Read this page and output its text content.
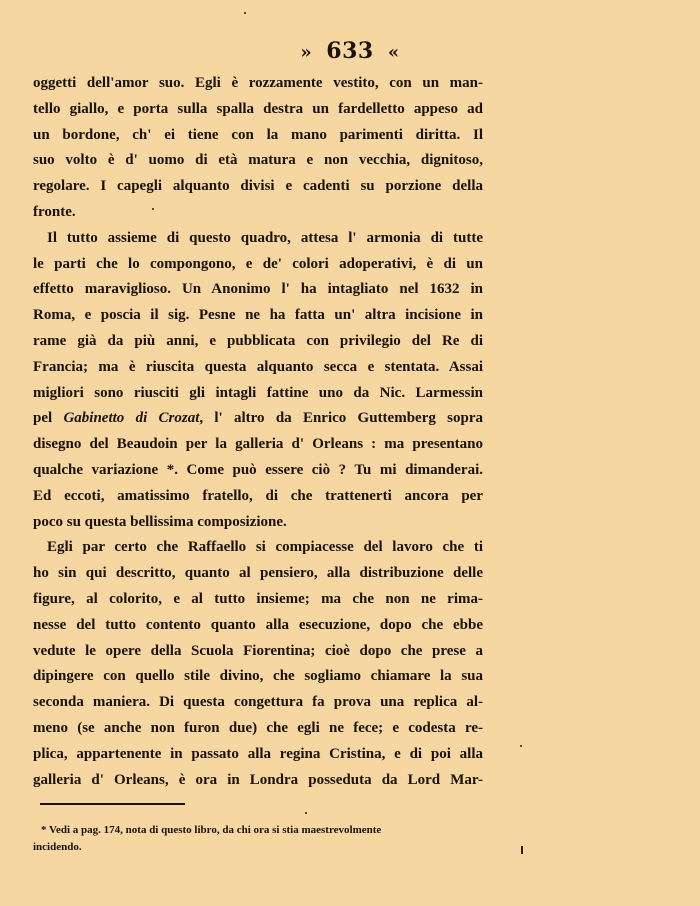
» 633 «
oggetti dell'amor suo. Egli è rozzamente vestito, con un man-
tello giallo, e porta sulla spalla destra un fardelletto appeso ad
un bordone, ch' ei tiene con la mano parimenti diritta. Il
suo volto è d' uomo di età matura e non vecchia, dignitoso,
regolare. I capegli alquanto divisi e cadenti su porzione della
fronte.
Il tutto assieme di questo quadro, attesa l' armonia di tutte
le parti che lo compongono, e de' colori adoperativi, è di un
effetto maraviglioso. Un Anonimo l' ha intagliato nel 1632 in
Roma, e poscia il sig. Pesne ne ha fatta un' altra incisione in
rame già da più anni, e pubblicata con privilegio del Re di
Francia; ma è riuscita questa alquanto secca e stentata. Assai
migliori sono riusciti gli intagli fattine uno da Nic. Larmessin
pel Gabinetto di Crozat, l' altro da Enrico Guttemberg sopra
disegno del Beaudoin per la galleria d' Orleans : ma presentano
qualche variazione *. Come può essere ciò ? Tu mi dimanderai.
Ed eccoti, amatissimo fratello, di che trattenerti ancora per
poco su questa bellissima composizione.
Egli par certo che Raffaello si compiacesse del lavoro che ti
ho sin qui descritto, quanto al pensiero, alla distribuzione delle
figure, al colorito, e al tutto insieme; ma che non ne rima-
nesse del tutto contento quanto alla esecuzione, dopo che ebbe
vedute le opere della Scuola Fiorentina; cioè dopo che prese a
dipingere con quello stile divino, che sogliamo chiamare la sua
seconda maniera. Di questa congettura fa prova una replica al-
meno (se anche non furon due) che egli ne fece; e codesta re-
plica, appartenente in passato alla regina Cristina, e di poi alla
galleria d' Orleans, è ora in Londra posseduta da Lord Mar-
* Vedi a pag. 174, nota di questo libro, da chi ora si stia maestrevolmente
incidendo.
